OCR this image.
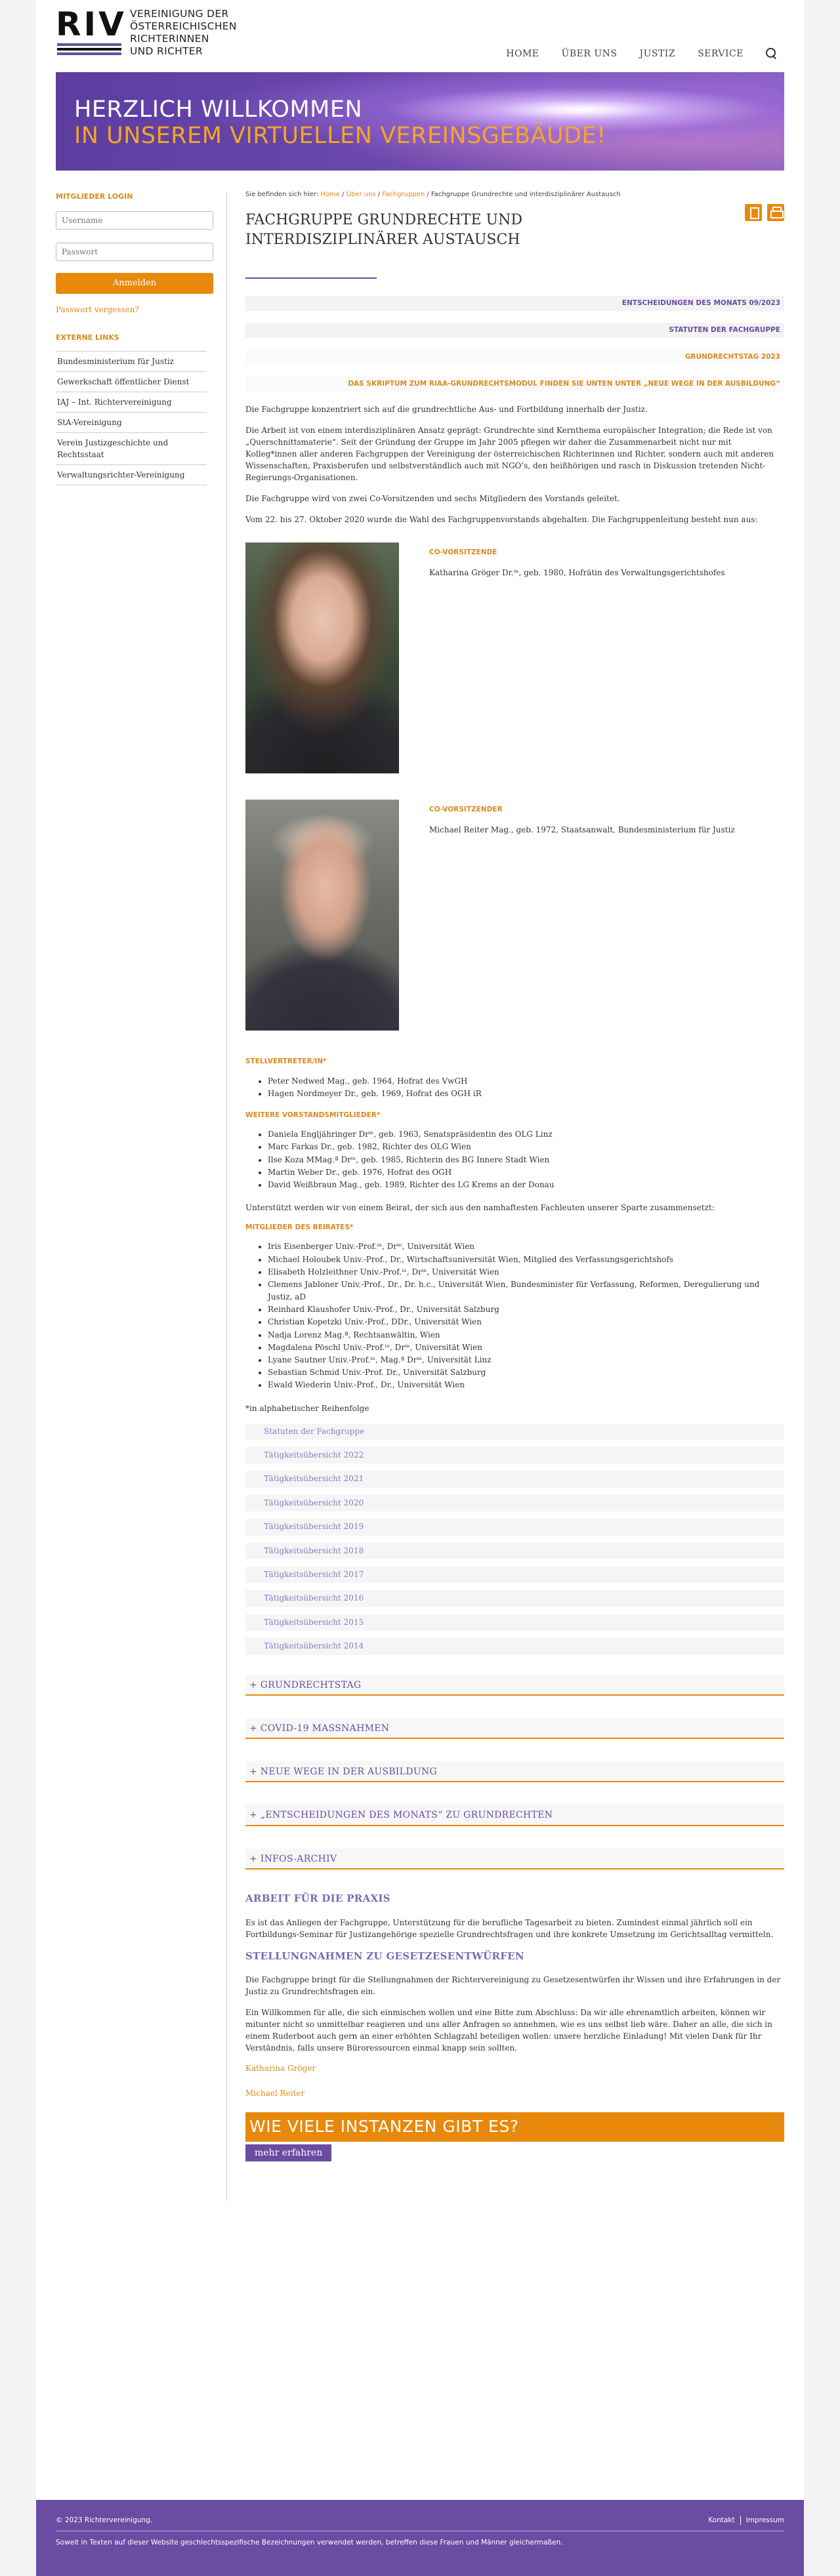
RIV VEREINIGUNG DER
ÖSTERREICHISCHEN
RICHTERINNEN
UND RICHTER	HOME ÜBER UNS JUSTIZ SERVICE
HERZLICH WILLKOMMEN
IN UNSEREM VIRTUELLEN VEREINSGEBÄUDE!
MITGLIEDER LOGIN
Username
Anmelden
Passwort vergessen?
EXTERNE LINKS
Bundesministerium für Justiz
Gewerkschaft öffentlicher Dienst
IAJ – Int. Richtervereinigung
StA-Vereinigung
Verein Justizgeschichte und Rechtsstaat
Verwaltungsrichter-Vereinigung
Sie befinden sich hier: Home / Über uns / Fachgruppen / Fachgruppe Grundrechte und interdisziplinärer Austausch
FACHGRUPPE GRUNDRECHTE UND INTERDISZIPLINÄRER AUSTAUSCH
ENTSCHEIDUNGEN DES MONATS 09/2023
STATUTEN DER FACHGRUPPE
GRUNDRECHTSTAG 2023
DAS SKRIPTUM ZUM RIAA-GRUNDRECHTSMODUL FINDEN SIE UNTEN UNTER „NEUE WEGE IN DER AUSBILDUNG“

Die Fachgruppe konzentriert sich auf die grundrechtliche Aus- und Fortbildung innerhalb der Justiz.

Die Arbeit ist von einem interdisziplinären Ansatz geprägt: Grundrechte sind Kernthema europäischer Integration; die Rede ist von „Querschnittsmaterie“. Seit der Gründung der Gruppe im Jahr 2005 pflegen wir daher die Zusammenarbeit nicht nur mit Kolleg*innen aller anderen Fachgruppen der Vereinigung der österreichischen Richterinnen und Richter, sondern auch mit anderen Wissenschaften, Praxisberufen und selbstverständlich auch mit NGO’s, den heißhörigen und rasch in Diskussion tretenden Nicht-Regierungs-Organisationen.

Die Fachgruppe wird von zwei Co-Vorsitzenden und sechs Mitgliedern des Vorstands geleitet.

Vom 22. bis 27. Oktober 2020 wurde die Wahl des Fachgruppenvorstands abgehalten. Die Fachgruppenleitung besteht nun aus:

CO-VORSITZENDE
Katharina Gröger Dr.ⁱⁿ, geb. 1980, Hofrätin des Verwaltungsgerichtshofes
CO-VORSITZENDER
Michael Reiter Mag., geb. 1972, Staatsanwalt, Bundesministerium für Justiz
STELLVERTRETER/IN*
• Peter Nedwed Mag., geb. 1964, Hofrat des VwGH
• Hagen Nordmeyer Dr., geb. 1969, Hofrat des OGH iR
WEITERE VORSTANDSMITGLIEDER*
• Daniela Engljähringer Drⁱⁿ, geb. 1963, Senatspräsidentin des OLG Linz
• Marc Farkas Dr., geb. 1982, Richter des OLG Wien
• Ilse Koza MMag.ª Drⁱⁿ, geb. 1985, Richterin des BG Innere Stadt Wien
• Martin Weber Dr., geb. 1976, Hofrat des OGH
• David Weißbraun Mag., geb. 1989, Richter des LG Krems an der Donau

Unterstützt werden wir von einem Beirat, der sich aus den namhaftesten Fachleuten unserer Sparte zusammensetzt:

MITGLIEDER DES BEIRATES*
• Iris Eisenberger Univ.-Prof.ⁱⁿ, Drⁱⁿ, Universität Wien
• Michael Holoubek Univ.-Prof., Dr., Wirtschaftsuniversität Wien, Mitglied des Verfassungsgerichtshofs
• Elisabeth Holzleithner Univ.-Prof.ⁱⁿ, Drⁱⁿ, Universität Wien
• Clemens Jabloner Univ.-Prof., Dr., Dr. h.c., Universität Wien, Bundesminister für Verfassung, Reformen, Deregulierung und Justiz, aD
• Reinhard Klaushofer Univ.-Prof., Dr., Universität Salzburg
• Christian Kopetzki Univ.-Prof., DDr., Universität Wien
• Nadja Lorenz Mag.ª, Rechtsanwältin, Wien
• Magdalena Pöschl Univ.-Prof.ⁱⁿ, Drⁱⁿ, Universität Wien
• Lyane Sautner Univ.-Prof.ⁱⁿ, Mag.ª Drⁱⁿ, Universität Linz
• Sebastian Schmid Univ.-Prof. Dr., Universität Salzburg
• Ewald Wiederin Univ.-Prof., Dr., Universität Wien

*in alphabetischer Reihenfolge

Statuten der Fachgruppe
Tätigkeitsübersicht 2022
Tätigkeitsübersicht 2021
Tätigkeitsübersicht 2020
Tätigkeitsübersicht 2019
Tätigkeitsübersicht 2018
Tätigkeitsübersicht 2017
Tätigkeitsübersicht 2016
Tätigkeitsübersicht 2015
Tätigkeitsübersicht 2014
+ GRUNDRECHTSTAG
+ COVID-19 MASSNAHMEN
+ NEUE WEGE IN DER AUSBILDUNG
+ „ENTSCHEIDUNGEN DES MONATS“ ZU GRUNDRECHTEN
+ INFOS-ARCHIV
ARBEIT FÜR DIE PRAXIS

Es ist das Anliegen der Fachgruppe, Unterstützung für die berufliche Tagesarbeit zu bieten. Zumindest einmal jährlich soll ein Fortbildungs-Seminar für Justizangehörige spezielle Grundrechtsfragen und ihre konkrete Umsetzung im Gerichtsalltag vermitteln.

STELLUNGNAHMEN ZU GESETZESENTWÜRFEN

Die Fachgruppe bringt für die Stellungnahmen der Richtervereinigung zu Gesetzesentwürfen ihr Wissen und ihre Erfahrungen in der Justiz zu Grundrechtsfragen ein.

Ein Willkommen für alle, die sich einmischen wollen und eine Bitte zum Abschluss: Da wir alle ehrenamtlich arbeiten, können wir mitunter nicht so unmittelbar reagieren und uns aller Anfragen so annehmen, wie es uns selbst lieb wäre. Daher an alle, die sich in einem Ruderboot auch gern an einer erhöhten Schlagzahl beteiligen wollen: unsere herzliche Einladung! Mit vielen Dank für Ihr Verständnis, falls unsere Büroressourcen einmal knapp sein sollten.

Katharina Gröger
Michael Reiter
WIE VIELE INSTANZEN GIBT ES?
mehr erfahren
© 2023 Richtervereinigung.	Kontakt Impressum
Soweit in Texten auf dieser Website geschlechtsspezifische Bezeichnungen verwendet werden, betreffen diese Frauen und Männer gleichermaßen.
